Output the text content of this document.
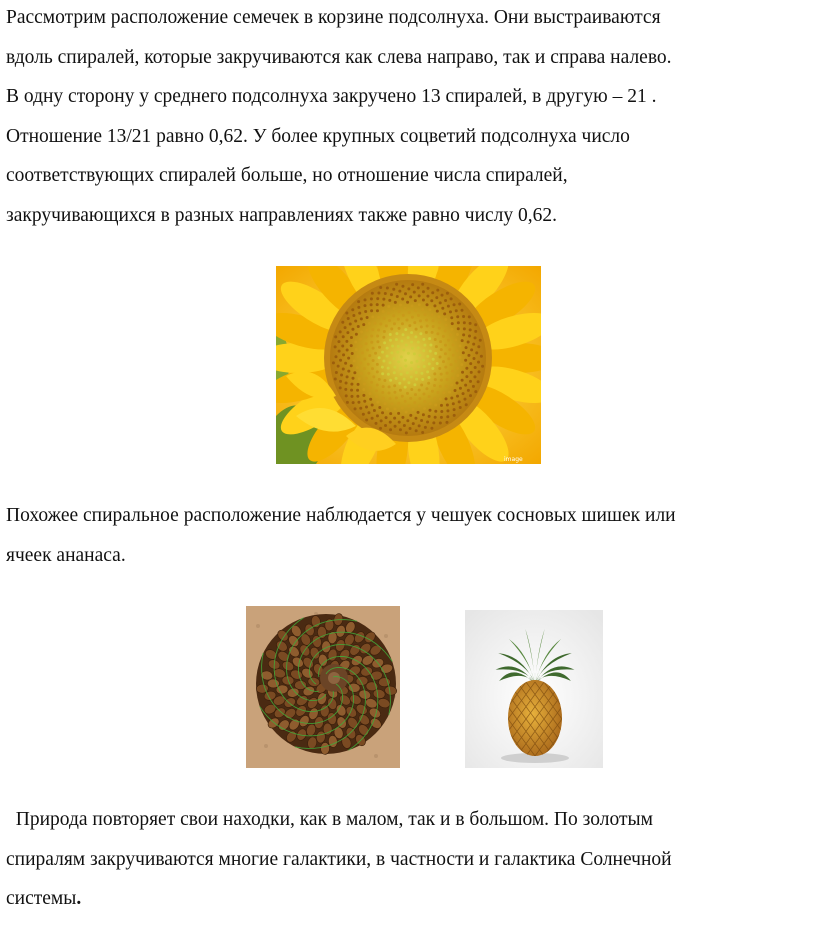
Рассмотрим расположение семечек в корзине подсолнуха. Они выстраиваются
вдоль спиралей, которые закручиваются как слева направо, так и справа налево.
В одну сторону у среднего подсолнуха закручено 13 спиралей, в другую – 21 .
Отношение 13/21 равно 0,62. У более крупных соцветий подсолнуха число
соответствующих спиралей больше, но отношение числа спиралей,
закручивающихся в разных направлениях также равно числу 0,62.
image
Похожее спиральное расположение наблюдается у чешуек сосновых шишек или
ячеек ананаса.
Природа повторяет свои находки, как в малом, так и в большом. По золотым
спиралям закручиваются многие галактики, в частности и галактика Солнечной
системы.
